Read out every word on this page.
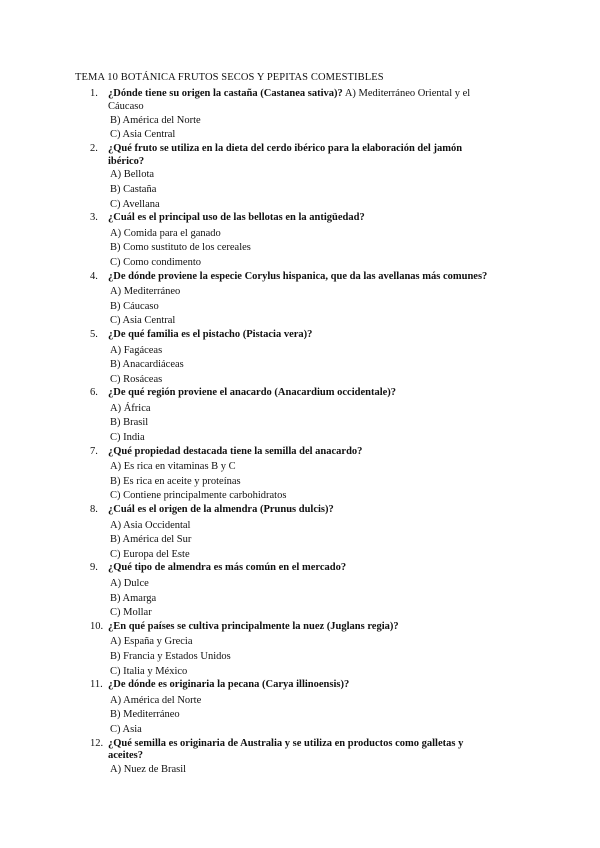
TEMA 10 BOTÁNICA FRUTOS SECOS Y PEPITAS COMESTIBLES
1. ¿Dónde tiene su origen la castaña (Castanea sativa)? A) Mediterráneo Oriental y el Cáucaso
B) América del Norte
C) Asia Central
2. ¿Qué fruto se utiliza en la dieta del cerdo ibérico para la elaboración del jamón ibérico?
A) Bellota
B) Castaña
C) Avellana
3. ¿Cuál es el principal uso de las bellotas en la antigüedad?
A) Comida para el ganado
B) Como sustituto de los cereales
C) Como condimento
4. ¿De dónde proviene la especie Corylus hispanica, que da las avellanas más comunes?
A) Mediterráneo
B) Cáucaso
C) Asia Central
5. ¿De qué familia es el pistacho (Pistacia vera)?
A) Fagáceas
B) Anacardiáceas
C) Rosáceas
6. ¿De qué región proviene el anacardo (Anacardium occidentale)?
A) África
B) Brasil
C) India
7. ¿Qué propiedad destacada tiene la semilla del anacardo?
A) Es rica en vitaminas B y C
B) Es rica en aceite y proteínas
C) Contiene principalmente carbohidratos
8. ¿Cuál es el origen de la almendra (Prunus dulcis)?
A) Asia Occidental
B) América del Sur
C) Europa del Este
9. ¿Qué tipo de almendra es más común en el mercado?
A) Dulce
B) Amarga
C) Mollar
10. ¿En qué países se cultiva principalmente la nuez (Juglans regia)?
A) España y Grecia
B) Francia y Estados Unidos
C) Italia y México
11. ¿De dónde es originaria la pecana (Carya illinoensis)?
A) América del Norte
B) Mediterráneo
C) Asia
12. ¿Qué semilla es originaria de Australia y se utiliza en productos como galletas y aceites?
A) Nuez de Brasil
